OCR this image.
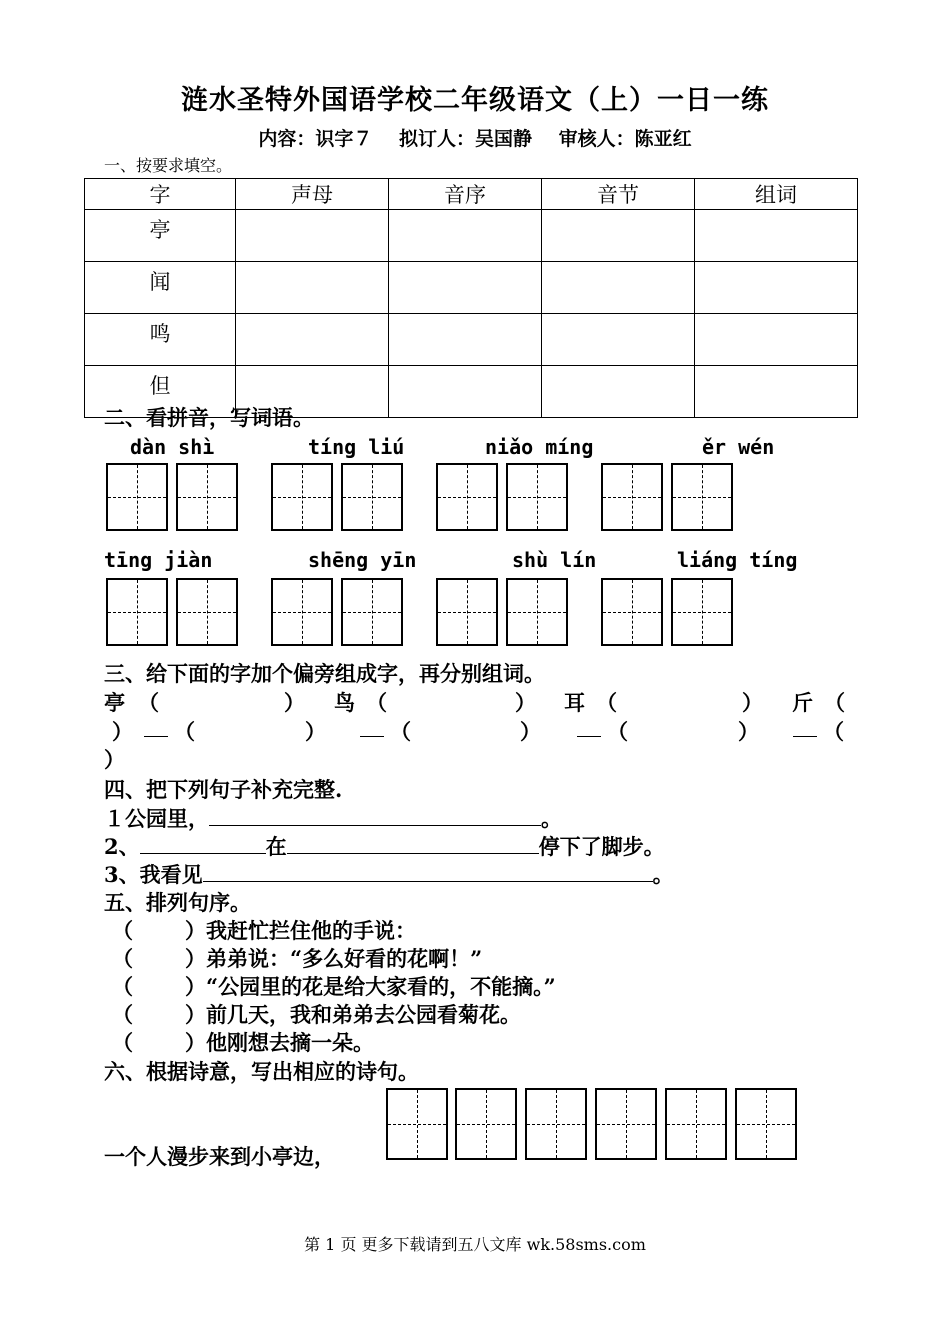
涟水圣特外国语学校二年级语文（上）一日一练
内容：识字７ 拟订人：吴国静 审核人：陈亚红
一、按要求填空。
字	声母	音序	音节	组词
亭				
闻				
鸣				
但				
二、看拼音，写词语。
dàn shì	tíng liú	niǎo míng	ěr wén
tīng jiàn	shēng yīn	shù lín	liáng tíng
三、给下面的字加个偏旁组成字，再分别组词。
亭 （	） 鸟 （	） 耳 （	） 斤 （
） （	）	（	）	（	）	（
）
四、把下列句子补充完整.
１公园里，	。
2、	在	停下了脚步。
3、我看见	。
五、排列句序。
（ ）我赶忙拦住他的手说：
（ ）弟弟说：“多么好看的花啊！”
（ ）“公园里的花是给大家看的，不能摘。”
（ ）前几天，我和弟弟去公园看菊花。
（ ）他刚想去摘一朵。
六、根据诗意，写出相应的诗句。
一个人漫步来到小亭边，
第 1 页 更多下载请到五八文库 wk.58sms.com
